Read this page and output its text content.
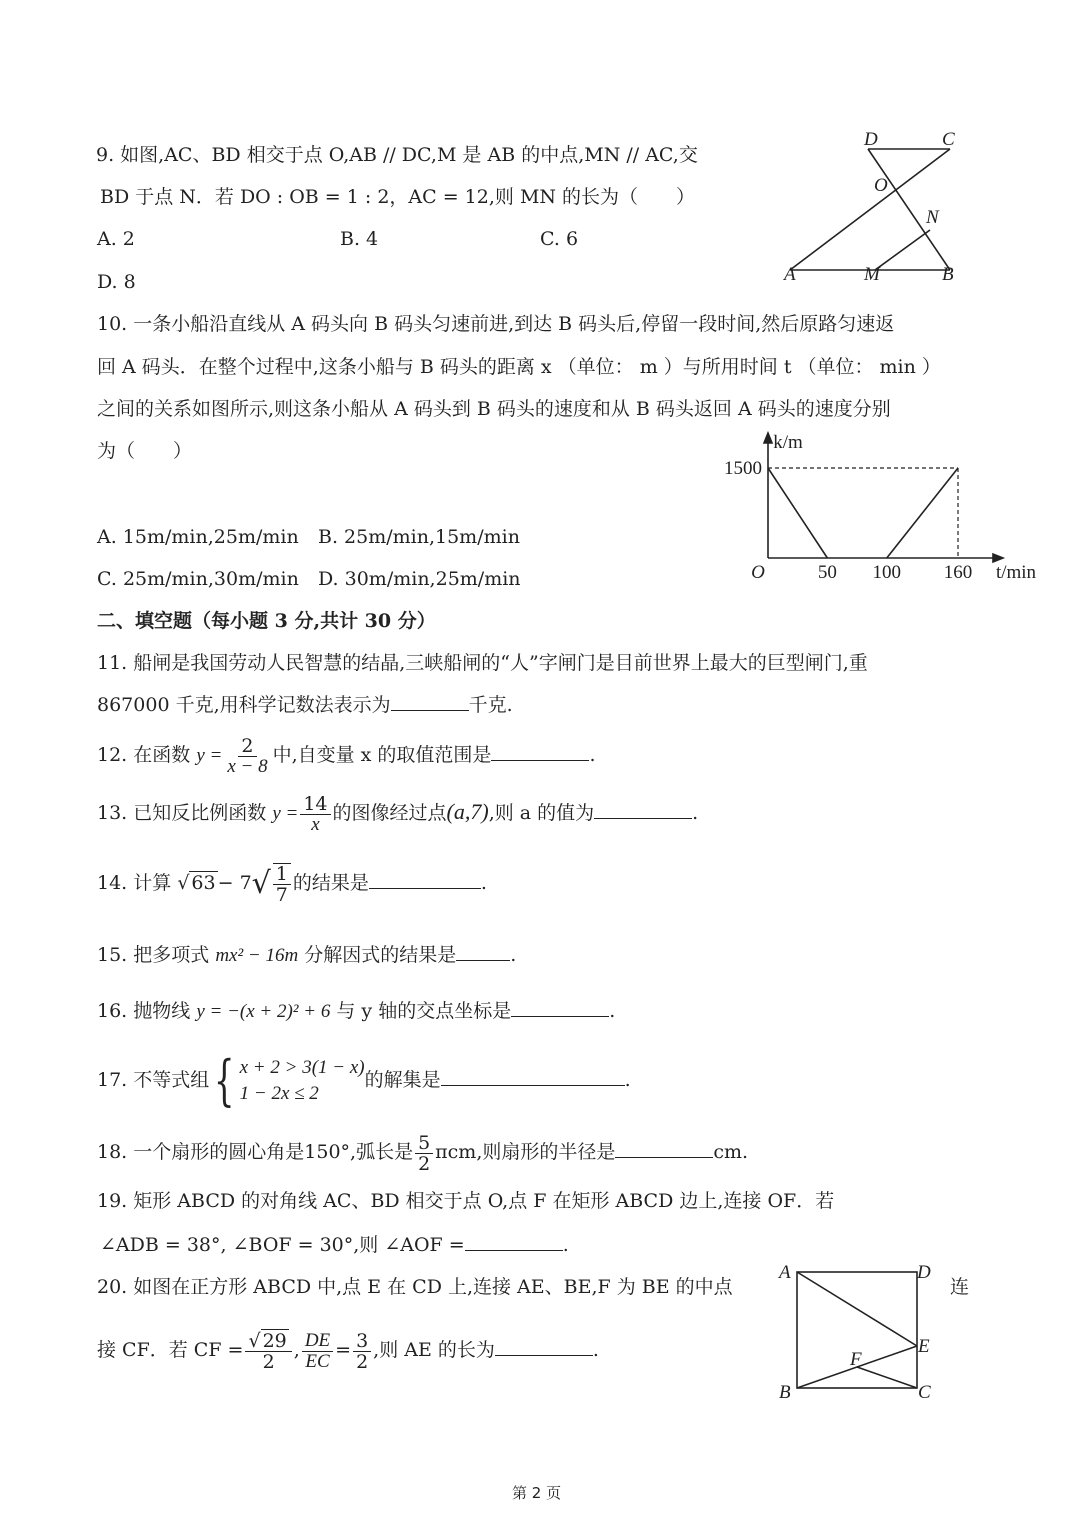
9. 如图,AC、BD 相交于点 O,AB // DC,M 是 AB 的中点,MN // AC,交
BD 于点 N．若 DO : OB = 1 : 2，AC = 12,则 MN 的长为（　　）
A. 2	B. 4	C. 6
D. 8
D	C
O
N
A	M	B
10. 一条小船沿直线从 A 码头向 B 码头匀速前进,到达 B 码头后,停留一段时间,然后原路匀速返
回 A 码头．在整个过程中,这条小船与 B 码头的距离 x （单位： m ）与所用时间 t （单位： min ）
之间的关系如图所示,则这条小船从 A 码头到 B 码头的速度和从 B 码头返回 A 码头的速度分别
为（　　）
A. 15m/min,25m/min B. 25m/min,15m/min
C. 25m/min,30m/min D. 30m/min,25m/min	50 100 160
1500
O	t/min
k/m
二、填空题（每小题 3 分,共计 30 分）
11. 船闸是我国劳动人民智慧的结晶,三峡船闸的“人”字闸门是目前世界上最大的巨型闸门,重
867000 千克,用科学记数法表示为	千克.
12. 在函数 $y = \frac{2}{x - 8}$ 中,自变量 x 的取值范围是	.
13. 已知反比例函数 $y = \frac{14}{x}$ 的图像经过点(a,7),则 a 的值为	.
14. 计算 √ $63 - 7√ \frac{1}{7}$ 的结果是	.
15. 把多项式 mx² − 16m 分解因式的结果是	.
16. 抛物线 y = −(x + 2)² + 6 与 y 轴的交点坐标是	.
17. 不等式组{ x + 2 > 3(1 − x)
1 − 2x ≤ 2
的解集是	.
18. 一个扇形的圆心角是150°,弧长是 $\frac{5}{2} \pi cm$,则扇形的半径是	cm.
19. 矩形 ABCD 的对角线 AC、BD 相交于点 O,点 F 在矩形 ABCD 边上,连接 OF．若
∠ADB = 38°, ∠BOF = 30°,则 ∠AOF =	.
20. 如图在正方形 ABCD 中,点 E 在 CD 上,连接 AE、BE,F 为 BE 的中点	连
接 CF．若 CF = $\frac{√ 29}{2}$ , $\frac{DE}{EC} = \frac{3}{2}$ ,则 AE 的长为	.
A	D
E
F
B	C
第 2 页
